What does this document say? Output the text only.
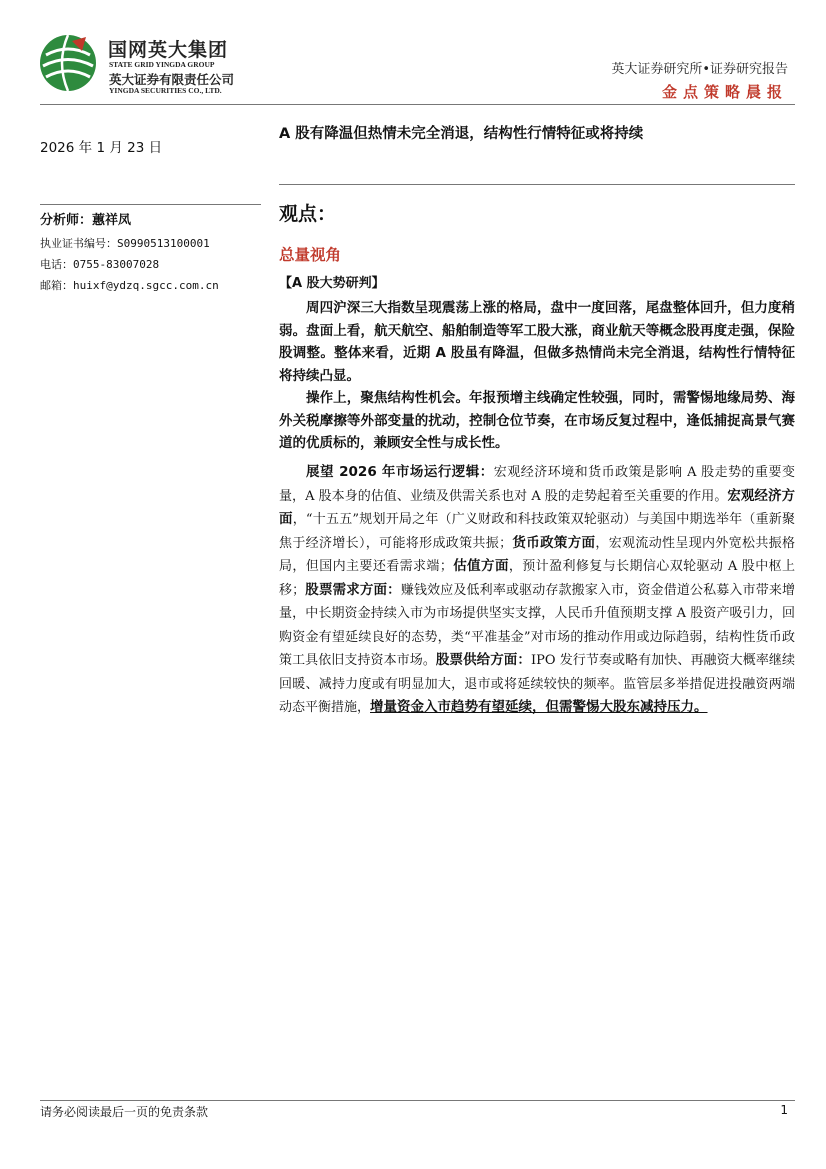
国网英大集团
STATE GRID YINGDA GROUP
英大证券有限责任公司
YINGDA SECURITIES CO., LTD.
英大证券研究所•证券研究报告
金点策略晨报
2026 年 1 月 23 日
分析师：蕙祥凤
执业证书编号：S0990513100001
电话：0755-83007028
邮箱：huixf@ydzq.sgcc.com.cn
A 股有降温但热情未完全消退，结构性行情特征或将持续
观点：
总量视角
【A 股大势研判】

周四沪深三大指数呈现震荡上涨的格局，盘中一度回落，尾盘整体回升，但力度稍弱。盘面上看，航天航空、船舶制造等军工股大涨，商业航天等概念股再度走强，保险股调整。整体来看，近期 A 股虽有降温，但做多热情尚未完全消退，结构性行情特征将持续凸显。

操作上，聚焦结构性机会。年报预增主线确定性较强，同时，需警惕地缘局势、海外关税摩擦等外部变量的扰动，控制仓位节奏，在市场反复过程中，逢低捕捉高景气赛道的优质标的，兼顾安全性与成长性。

展望 2026 年市场运行逻辑：宏观经济环境和货币政策是影响 A 股走势的重要变量，A 股本身的估值、业绩及供需关系也对 A 股的走势起着至关重要的作用。宏观经济方面，“十五五”规划开局之年（广义财政和科技政策双轮驱动）与美国中期选举年（重新聚焦于经济增长），可能将形成政策共振；货币政策方面，宏观流动性呈现内外宽松共振格局，但国内主要还看需求端；估值方面，预计盈利修复与长期信心双轮驱动 A 股中枢上移；股票需求方面：赚钱效应及低利率或驱动存款搬家入市，资金借道公私募入市带来增量，中长期资金持续入市为市场提供坚实支撑，人民币升值预期支撑 A 股资产吸引力，回购资金有望延续良好的态势，类“平准基金”对市场的推动作用或边际趋弱，结构性货币政策工具依旧支持资本市场。股票供给方面：IPO 发行节奏或略有加快、再融资大概率继续回暖、减持力度或有明显加大，退市或将延续较快的频率。监管层多举措促进投融资两端动态平衡措施，增量资金入市趋势有望延续，但需警惕大股东减持压力。

请务必阅读最后一页的免责条款	1
